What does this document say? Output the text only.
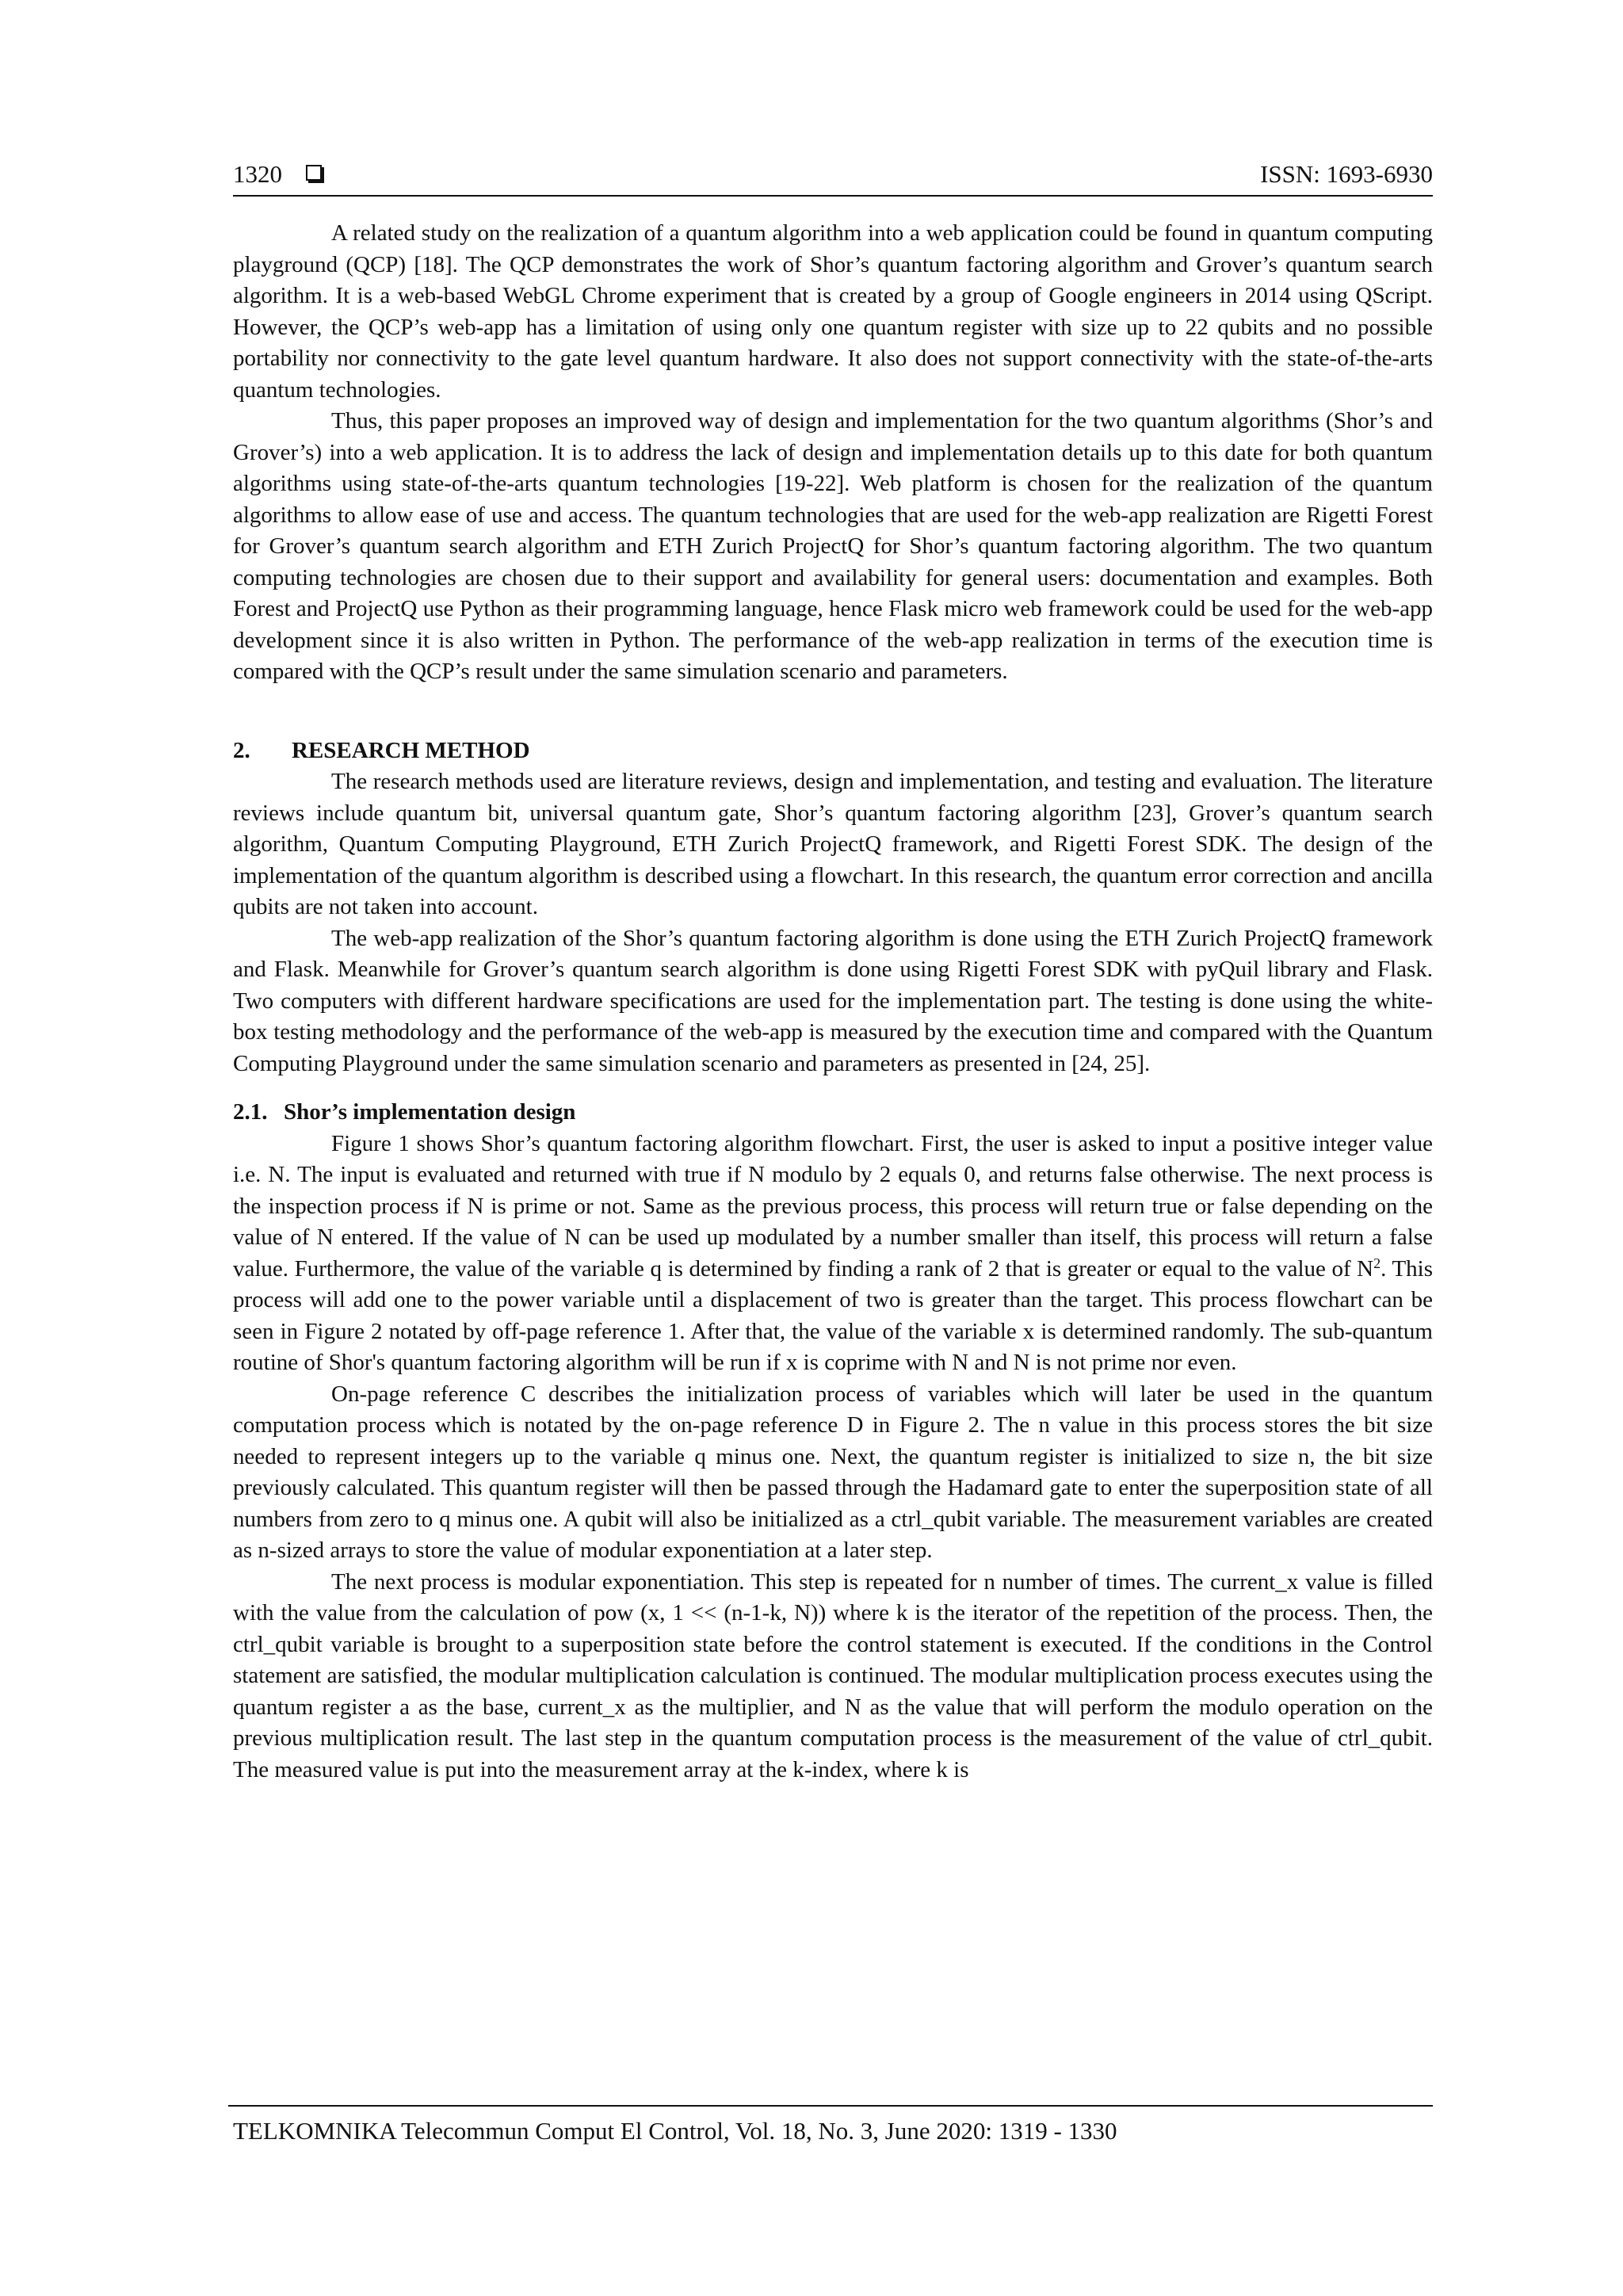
1320	ISSN: 1693-6930

A related study on the realization of a quantum algorithm into a web application could be found in quantum computing playground (QCP) [18]. The QCP demonstrates the work of Shor’s quantum factoring algorithm and Grover’s quantum search algorithm. It is a web-based WebGL Chrome experiment that is created by a group of Google engineers in 2014 using QScript. However, the QCP’s web-app has a limitation of using only one quantum register with size up to 22 qubits and no possible portability nor connectivity to the gate level quantum hardware. It also does not support connectivity with the state-of-the-arts quantum technologies.

Thus, this paper proposes an improved way of design and implementation for the two quantum algorithms (Shor’s and Grover’s) into a web application. It is to address the lack of design and implementation details up to this date for both quantum algorithms using state-of-the-arts quantum technologies [19-22]. Web platform is chosen for the realization of the quantum algorithms to allow ease of use and access. The quantum technologies that are used for the web-app realization are Rigetti Forest for Grover’s quantum search algorithm and ETH Zurich ProjectQ for Shor’s quantum factoring algorithm. The two quantum computing technologies are chosen due to their support and availability for general users: documentation and examples. Both Forest and ProjectQ use Python as their programming language, hence Flask micro web framework could be used for the web-app development since it is also written in Python. The performance of the web-app realization in terms of the execution time is compared with the QCP’s result under the same simulation scenario and parameters.

2. RESEARCH METHOD

The research methods used are literature reviews, design and implementation, and testing and evaluation. The literature reviews include quantum bit, universal quantum gate, Shor’s quantum factoring algorithm [23], Grover’s quantum search algorithm, Quantum Computing Playground, ETH Zurich ProjectQ framework, and Rigetti Forest SDK. The design of the implementation of the quantum algorithm is described using a flowchart. In this research, the quantum error correction and ancilla qubits are not taken into account.

The web-app realization of the Shor’s quantum factoring algorithm is done using the ETH Zurich ProjectQ framework and Flask. Meanwhile for Grover’s quantum search algorithm is done using Rigetti Forest SDK with pyQuil library and Flask. Two computers with different hardware specifications are used for the implementation part. The testing is done using the white-box testing methodology and the performance of the web-app is measured by the execution time and compared with the Quantum Computing Playground under the same simulation scenario and parameters as presented in [24, 25].

2.1. Shor’s implementation design

Figure 1 shows Shor’s quantum factoring algorithm flowchart. First, the user is asked to input a positive integer value i.e. N. The input is evaluated and returned with true if N modulo by 2 equals 0, and returns false otherwise. The next process is the inspection process if N is prime or not. Same as the previous process, this process will return true or false depending on the value of N entered. If the value of N can be used up modulated by a number smaller than itself, this process will return a false value. Furthermore, the value of the variable q is determined by finding a rank of 2 that is greater or equal to the value of $N^2$. This process will add one to the power variable until a displacement of two is greater than the target. This process flowchart can be seen in Figure 2 notated by off-page reference 1. After that, the value of the variable x is determined randomly. The sub-quantum routine of Shor's quantum factoring algorithm will be run if x is coprime with N and N is not prime nor even.

On-page reference C describes the initialization process of variables which will later be used in the quantum computation process which is notated by the on-page reference D in Figure 2. The n value in this process stores the bit size needed to represent integers up to the variable q minus one. Next, the quantum register is initialized to size n, the bit size previously calculated. This quantum register will then be passed through the Hadamard gate to enter the superposition state of all numbers from zero to q minus one. A qubit will also be initialized as a ctrl_qubit variable. The measurement variables are created as n-sized arrays to store the value of modular exponentiation at a later step.

The next process is modular exponentiation. This step is repeated for n number of times. The current_x value is filled with the value from the calculation of pow (x, 1 << (n-1-k, N)) where k is the iterator of the repetition of the process. Then, the ctrl_qubit variable is brought to a superposition state before the control statement is executed. If the conditions in the Control statement are satisfied, the modular multiplication calculation is continued. The modular multiplication process executes using the quantum register a as the base, current_x as the multiplier, and N as the value that will perform the modulo operation on the previous multiplication result. The last step in the quantum computation process is the measurement of the value of ctrl_qubit. The measured value is put into the measurement array at the k-index, where k is

TELKOMNIKA Telecommun Comput El Control, Vol. 18, No. 3, June 2020: 1319 - 1330
